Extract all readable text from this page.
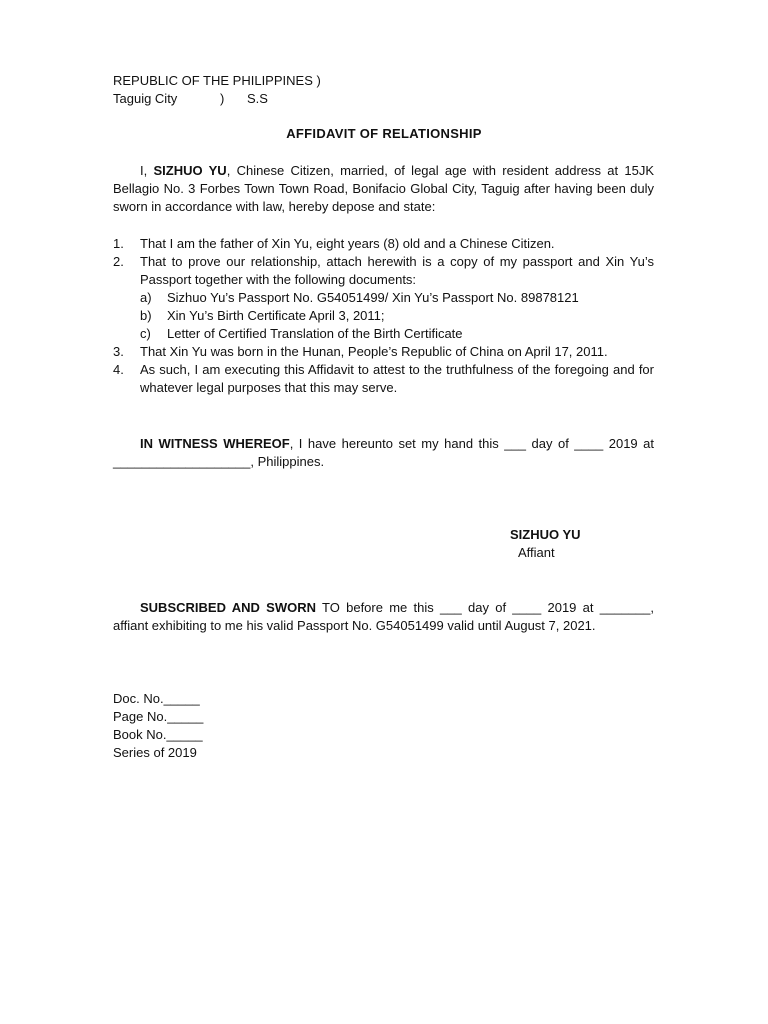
REPUBLIC OF THE PHILIPPINES )
Taguig City	) S.S
AFFIDAVIT OF RELATIONSHIP
I, SIZHUO YU, Chinese Citizen, married, of legal age with resident address at 15JK Bellagio No. 3 Forbes Town Town Road, Bonifacio Global City, Taguig after having been duly sworn in accordance with law, hereby depose and state:
1. That I am the father of Xin Yu, eight years (8) old and a Chinese Citizen.
2. That to prove our relationship, attach herewith is a copy of my passport and Xin Yu’s Passport together with the following documents:
a) Sizhuo Yu’s Passport No. G54051499/ Xin Yu’s Passport No. 89878121
b) Xin Yu’s Birth Certificate April 3, 2011;
c) Letter of Certified Translation of the Birth Certificate
3. That Xin Yu was born in the Hunan, People’s Republic of China on April 17, 2011.
4. As such, I am executing this Affidavit to attest to the truthfulness of the foregoing and for whatever legal purposes that this may serve.
IN WITNESS WHEREOF, I have hereunto set my hand this ___ day of ____ 2019 at ___________________, Philippines.
SIZHUO YU
Affiant
SUBSCRIBED AND SWORN TO before me this ___ day of ____ 2019 at _______, affiant exhibiting to me his valid Passport No. G54051499 valid until August 7, 2021.
Doc. No._____
Page No._____
Book No._____
Series of 2019
